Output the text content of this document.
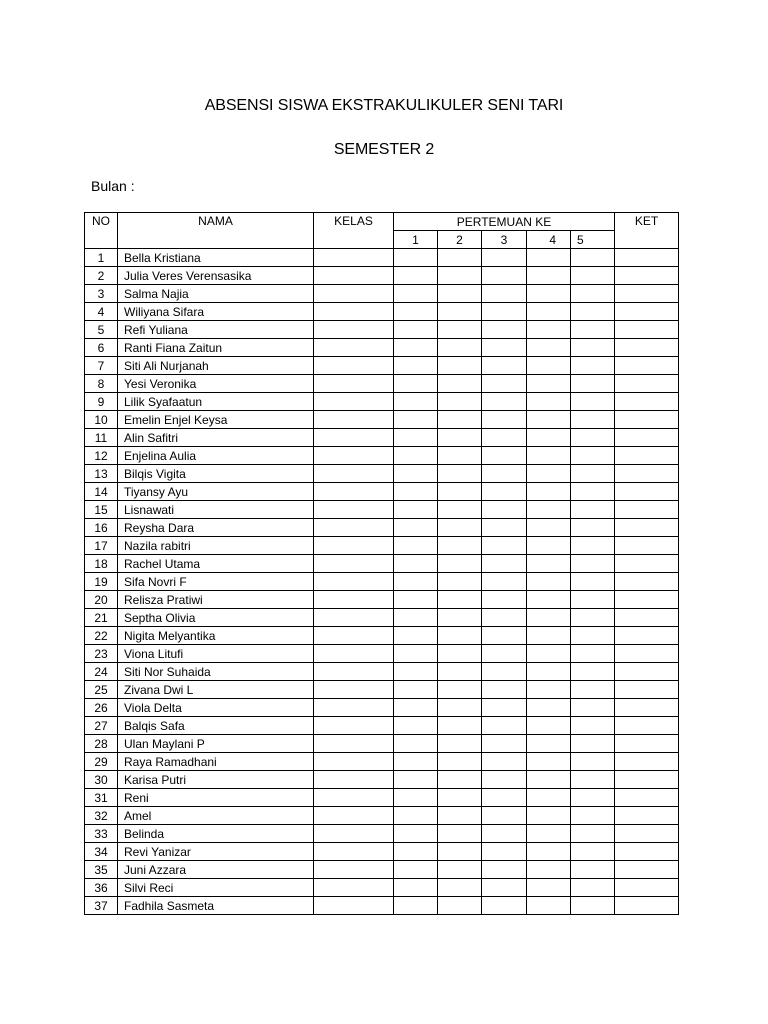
ABSENSI SISWA EKSTRAKULIKULER SENI TARI
SEMESTER 2
Bulan :
NO	NAMA	KELAS	PERTEMUAN KE					KET
			1	2	3	4	5	
1	Bella Kristiana							
2	Julia Veres Verensasika							
3	Salma Najia							
4	Wiliyana Sifara							
5	Refi Yuliana							
6	Ranti Fiana Zaitun							
7	Siti Ali Nurjanah							
8	Yesi Veronika							
9	Lilik Syafaatun							
10	Emelin Enjel Keysa							
11	Alin Safitri							
12	Enjelina Aulia							
13	Bilqis Vigita							
14	Tiyansy Ayu							
15	Lisnawati							
16	Reysha Dara							
17	Nazila rabitri							
18	Rachel Utama							
19	Sifa Novri F							
20	Relisza Pratiwi							
21	Septha Olivia							
22	Nigita Melyantika							
23	Viona Litufi							
24	Siti Nor Suhaida							
25	Zivana Dwi L							
26	Viola Delta							
27	Balqis Safa							
28	Ulan Maylani P							
29	Raya Ramadhani							
30	Karisa Putri							
31	Reni							
32	Amel							
33	Belinda							
34	Revi Yanizar							
35	Juni Azzara							
36	Silvi Reci							
37	Fadhila Sasmeta							
